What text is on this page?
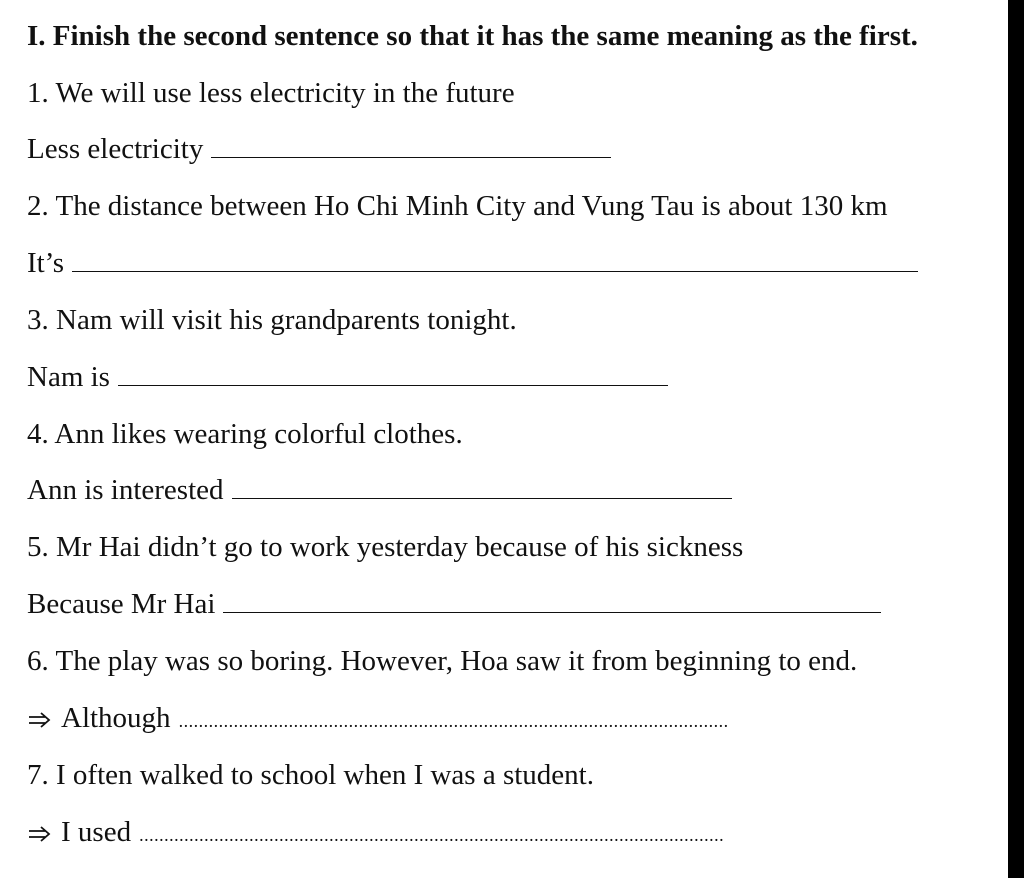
I. Finish the second sentence so that it has the same meaning as the first.
1. We will use less electricity in the future
Less electricity
2. The distance between Ho Chi Minh City and Vung Tau is about 130 km
It’s
3. Nam will visit his grandparents tonight.
Nam is
4. Ann likes wearing colorful clothes.
Ann is interested
5. Mr Hai didn’t go to work yesterday because of his sickness
Because Mr Hai
6. The play was so boring. However, Hoa saw it from beginning to end.
Although ..............................................................................................................
7. I often walked to school when I was a student.
I used .....................................................................................................................
